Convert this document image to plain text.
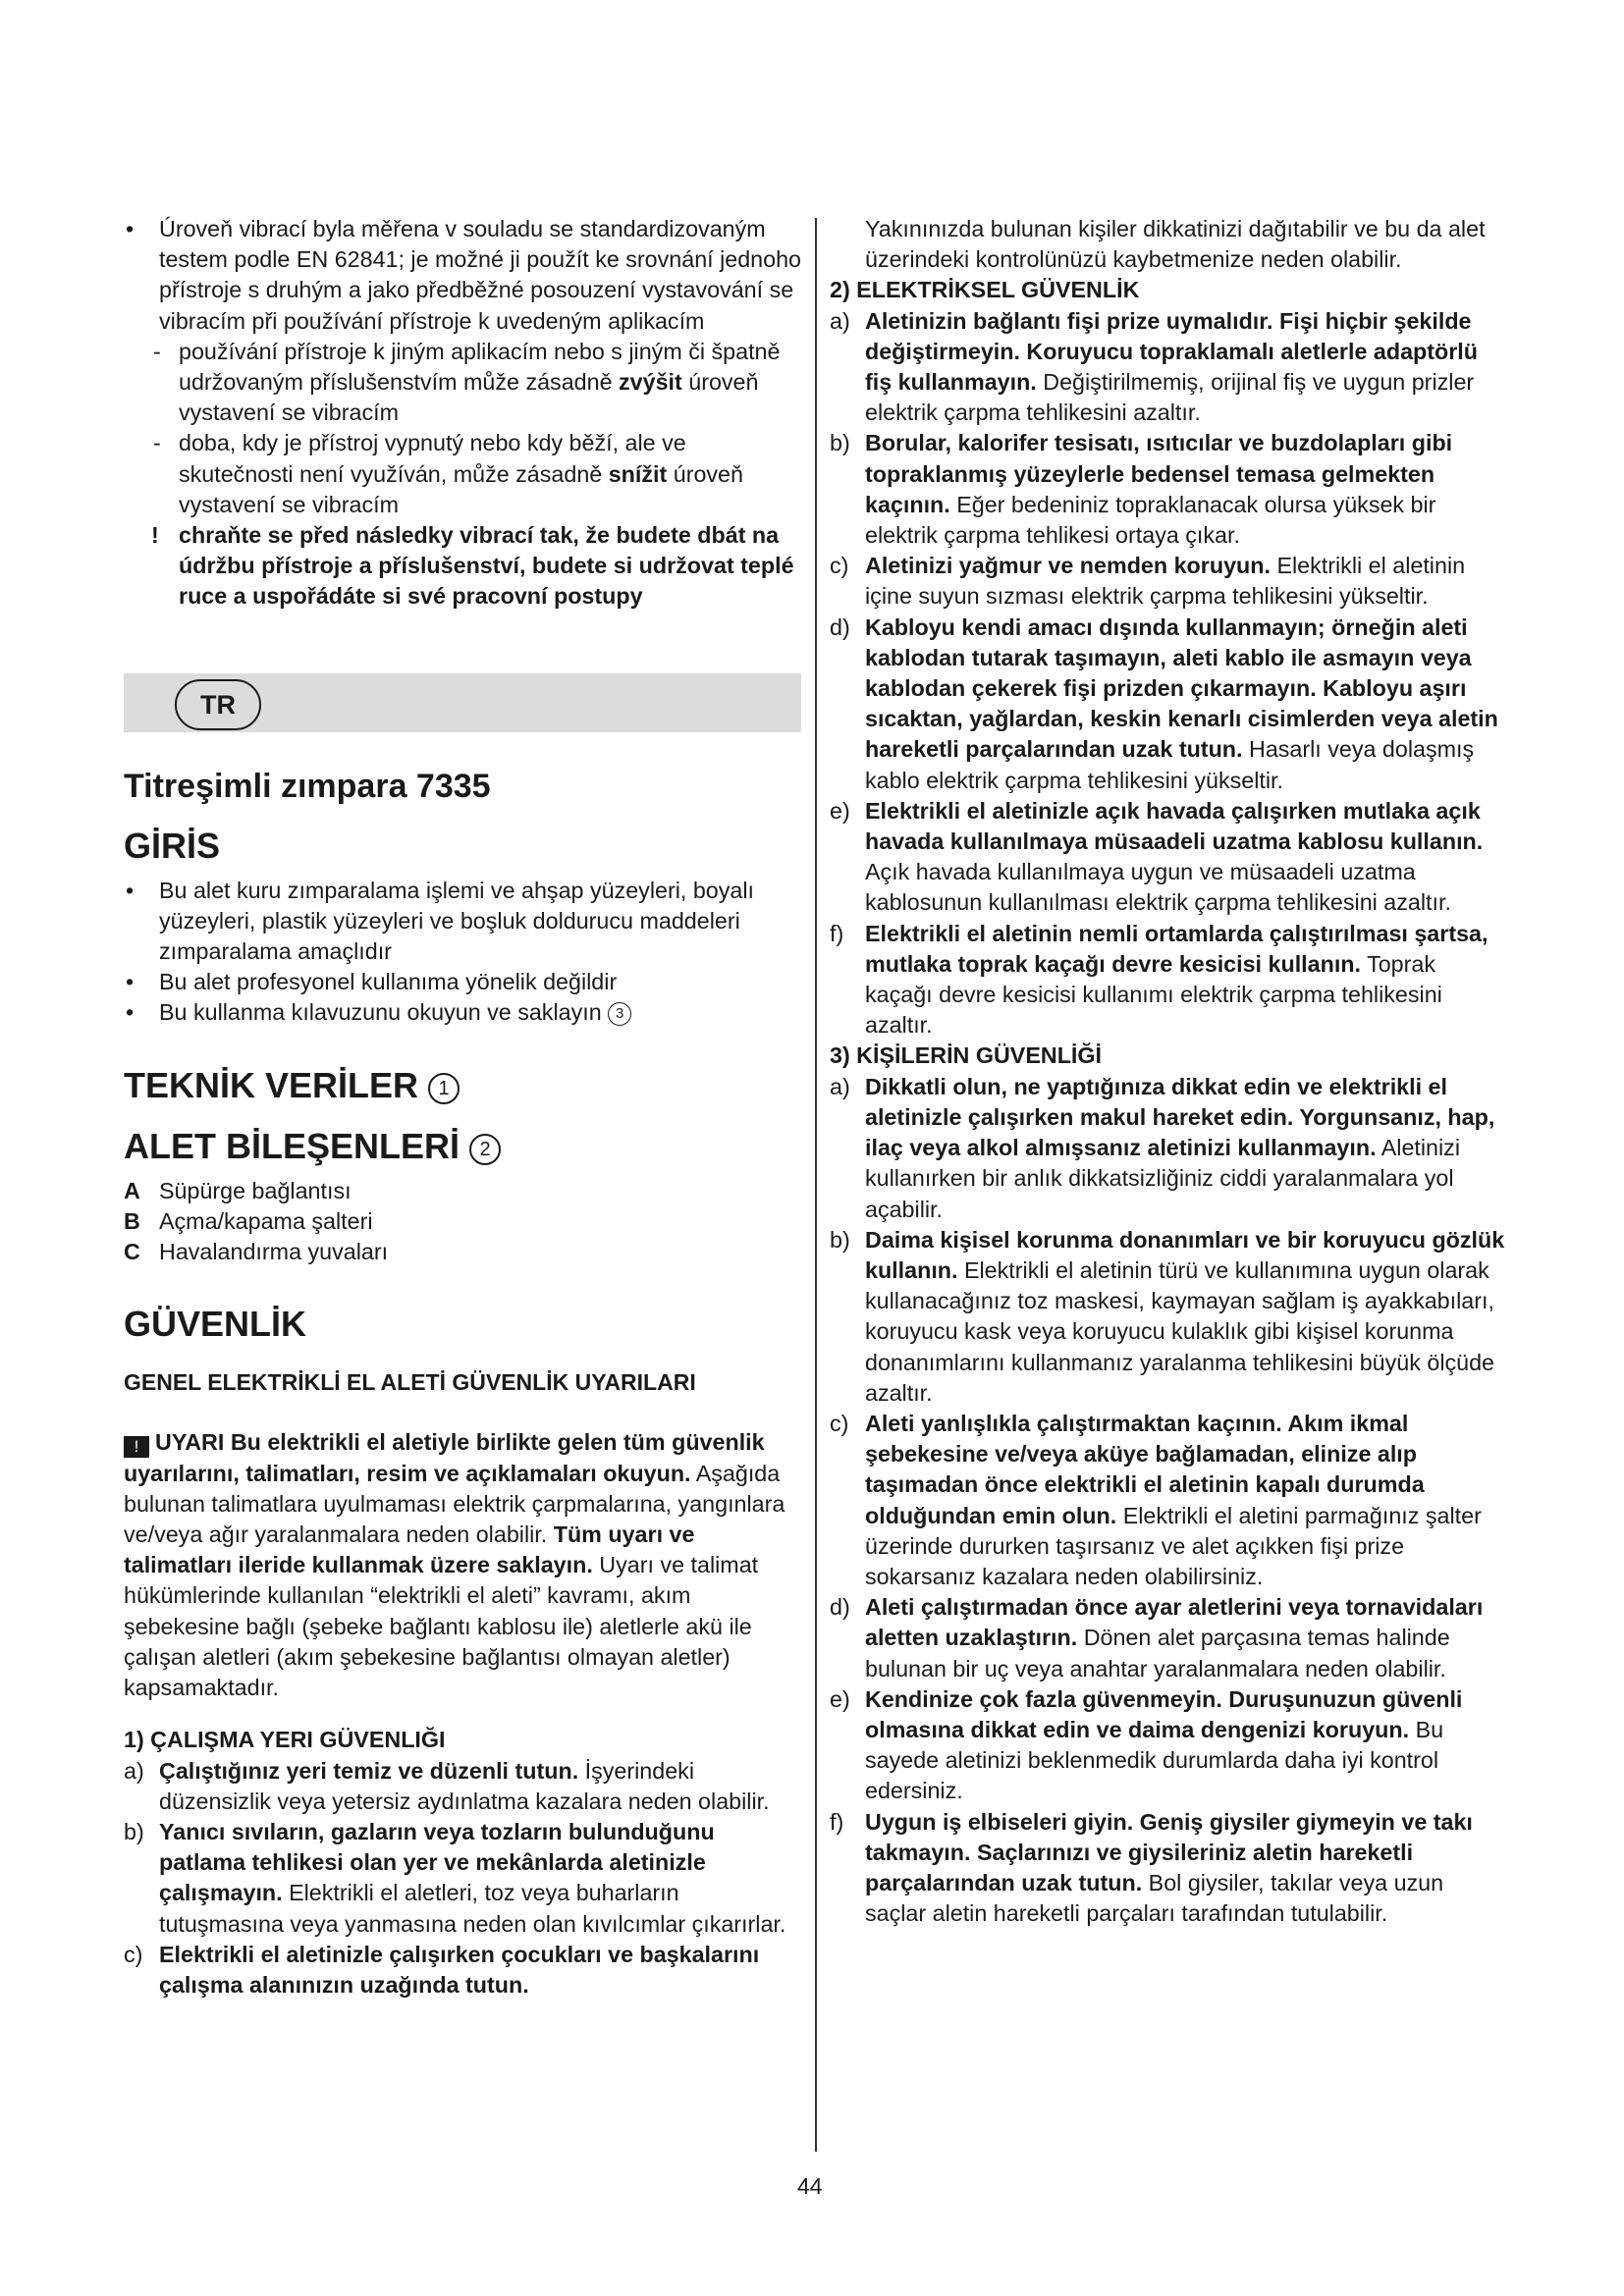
• Úroveň vibrací byla měřena v souladu se standardizovaným testem podle EN 62841; je možné ji použít ke srovnání jednoho přístroje s druhým a jako předběžné posouzení vystavování se vibracím při používání přístroje k uvedeným aplikacím
- používání přístroje k jiným aplikacím nebo s jiným či špatně udržovaným příslušenstvím může zásadně zvýšit úroveň vystavení se vibracím
- doba, kdy je přístroj vypnutý nebo kdy běží, ale ve skutečnosti není využíván, může zásadně snížit úroveň vystavení se vibracím
! chraňte se před následky vibrací tak, že budete dbát na údržbu přístroje a příslušenství, budete si udržovat teplé ruce a uspořádáte si své pracovní postupy
TR
Titreşimli zımpara 7335
GİRİS
• Bu alet kuru zımparalama işlemi ve ahşap yüzeyleri, boyalı yüzeyleri, plastik yüzeyleri ve boşluk doldurucu maddeleri zımparalama amaçlıdır
• Bu alet profesyonel kullanıma yönelik değildir
• Bu kullanma kılavuzunu okuyun ve saklayın 3
TEKNİK VERİLER 1
ALET BİLEŞENLERİ 2
A Süpürge bağlantısı
B Açma/kapama şalteri
C Havalandırma yuvaları
GÜVENLİK
GENEL ELEKTRİKLİ EL ALETİ GÜVENLİK UYARILARI
! UYARI Bu elektrikli el aletiyle birlikte gelen tüm güvenlik uyarılarını, talimatları, resim ve açıklamaları okuyun. Aşağıda bulunan talimatlara uyulmaması elektrik çarpmalarına, yangınlara ve/veya ağır yaralanmalara neden olabilir. Tüm uyarı ve talimatları ileride kullanmak üzere saklayın. Uyarı ve talimat hükümlerinde kullanılan “elektrikli el aleti” kavramı, akım şebekesine bağlı (şebeke bağlantı kablosu ile) aletlerle akü ile çalışan aletleri (akım şebekesine bağlantısı olmayan aletler) kapsamaktadır.
1) ÇALIŞMA YERI GÜVENLIĞI
a) Çalıştığınız yeri temiz ve düzenli tutun. İşyerindeki düzensizlik veya yetersiz aydınlatma kazalara neden olabilir.
b) Yanıcı sıvıların, gazların veya tozların bulunduğunu patlama tehlikesi olan yer ve mekânlarda aletinizle çalışmayın. Elektrikli el aletleri, toz veya buharların tutuşmasına veya yanmasına neden olan kıvılcımlar çıkarırlar.
c) Elektrikli el aletinizle çalışırken çocukları ve başkalarını çalışma alanınızın uzağında tutun.
Yakınınızda bulunan kişiler dikkatinizi dağıtabilir ve bu da alet üzerindeki kontrolünüzü kaybetmenize neden olabilir.
2) ELEKTRİKSEL GÜVENLİK
a) Aletinizin bağlantı fişi prize uymalıdır. Fişi hiçbir şekilde değiştirmeyin. Koruyucu topraklamalı aletlerle adaptörlü fiş kullanmayın. Değiştirilmemiş, orijinal fiş ve uygun prizler elektrik çarpma tehlikesini azaltır.
b) Borular, kalorifer tesisatı, ısıtıcılar ve buzdolapları gibi topraklanmış yüzeylerle bedensel temasa gelmekten kaçının. Eğer bedeniniz topraklanacak olursa yüksek bir elektrik çarpma tehlikesi ortaya çıkar.
c) Aletinizi yağmur ve nemden koruyun. Elektrikli el aletinin içine suyun sızması elektrik çarpma tehlikesini yükseltir.
d) Kabloyu kendi amacı dışında kullanmayın; örneğin aleti kablodan tutarak taşımayın, aleti kablo ile asmayın veya kablodan çekerek fişi prizden çıkarmayın. Kabloyu aşırı sıcaktan, yağlardan, keskin kenarlı cisimlerden veya aletin hareketli parçalarından uzak tutun. Hasarlı veya dolaşmış kablo elektrik çarpma tehlikesini yükseltir.
e) Elektrikli el aletinizle açık havada çalışırken mutlaka açık havada kullanılmaya müsaadeli uzatma kablosu kullanın. Açık havada kullanılmaya uygun ve müsaadeli uzatma kablosunun kullanılması elektrik çarpma tehlikesini azaltır.
f) Elektrikli el aletinin nemli ortamlarda çalıştırılması şartsa, mutlaka toprak kaçağı devre kesicisi kullanın. Toprak kaçağı devre kesicisi kullanımı elektrik çarpma tehlikesini azaltır.
3) KİŞİLERİN GÜVENLİĞİ
a) Dikkatli olun, ne yaptığınıza dikkat edin ve elektrikli el aletinizle çalışırken makul hareket edin. Yorgunsanız, hap, ilaç veya alkol almışsanız aletinizi kullanmayın. Aletinizi kullanırken bir anlık dikkatsizliğiniz ciddi yaralanmalara yol açabilir.
b) Daima kişisel korunma donanımları ve bir koruyucu gözlük kullanın. Elektrikli el aletinin türü ve kullanımına uygun olarak kullanacağınız toz maskesi, kaymayan sağlam iş ayakkabıları, koruyucu kask veya koruyucu kulaklık gibi kişisel korunma donanımlarını kullanmanız yaralanma tehlikesini büyük ölçüde azaltır.
c) Aleti yanlışlıkla çalıştırmaktan kaçının. Akım ikmal şebekesine ve/veya aküye bağlamadan, elinize alıp taşımadan önce elektrikli el aletinin kapalı durumda olduğundan emin olun. Elektrikli el aletini parmağınız şalter üzerinde dururken taşırsanız ve alet açıkken fişi prize sokarsanız kazalara neden olabilirsiniz.
d) Aleti çalıştırmadan önce ayar aletlerini veya tornavidaları aletten uzaklaştırın. Dönen alet parçasına temas halinde bulunan bir uç veya anahtar yaralanmalara neden olabilir.
e) Kendinize çok fazla güvenmeyin. Duruşunuzun güvenli olmasına dikkat edin ve daima dengenizi koruyun. Bu sayede aletinizi beklenmedik durumlarda daha iyi kontrol edersiniz.
f) Uygun iş elbiseleri giyin. Geniş giysiler giymeyin ve takı takmayın. Saçlarınızı ve giysileriniz aletin hareketli parçalarından uzak tutun. Bol giysiler, takılar veya uzun saçlar aletin hareketli parçaları tarafından tutulabilir.
44
